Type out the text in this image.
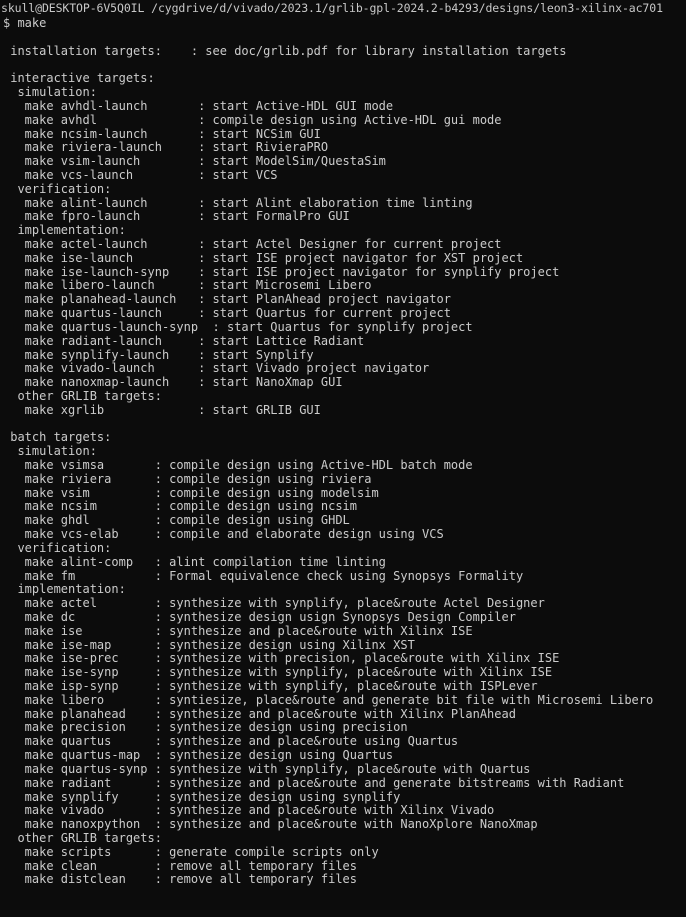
skull@DESKTOP-6V5Q0IL /cygdrive/d/vivado/2023.1/grlib-gpl-2024.2-b4293/designs/leon3-xilinx-ac701
$ make

installation targets:    : see doc/grlib.pdf for library installation targets

interactive targets:
simulation:
make avhdl-launch       : start Active-HDL GUI mode
make avhdl              : compile design using Active-HDL gui mode
make ncsim-launch       : start NCSim GUI
make riviera-launch     : start RivieraPRO
make vsim-launch        : start ModelSim/QuestaSim
make vcs-launch         : start VCS
verification:
make alint-launch       : start Alint elaboration time linting
make fpro-launch        : start FormalPro GUI
implementation:
make actel-launch       : start Actel Designer for current project
make ise-launch         : start ISE project navigator for XST project
make ise-launch-synp    : start ISE project navigator for synplify project
make libero-launch      : start Microsemi Libero
make planahead-launch   : start PlanAhead project navigator
make quartus-launch     : start Quartus for current project
make quartus-launch-synp  : start Quartus for synplify project
make radiant-launch     : start Lattice Radiant
make synplify-launch    : start Synplify
make vivado-launch      : start Vivado project navigator
make nanoxmap-launch    : start NanoXmap GUI
other GRLIB targets:
make xgrlib             : start GRLIB GUI

batch targets:
simulation:
make vsimsa       : compile design using Active-HDL batch mode
make riviera      : compile design using riviera
make vsim         : compile design using modelsim
make ncsim        : compile design using ncsim
make ghdl         : compile design using GHDL
make vcs-elab     : compile and elaborate design using VCS
verification:
make alint-comp   : alint compilation time linting
make fm           : Formal equivalence check using Synopsys Formality
implementation:
make actel        : synthesize with synplify, place&route Actel Designer
make dc           : synthesize design usign Synopsys Design Compiler
make ise          : synthesize and place&route with Xilinx ISE
make ise-map      : synthesize design using Xilinx XST
make ise-prec     : synthesize with precision, place&route with Xilinx ISE
make ise-synp     : synthesize with synplify, place&route with Xilinx ISE
make isp-synp     : synthesize with synplify, place&route with ISPLever
make libero       : syntiesize, place&route and generate bit file with Microsemi Libero
make planahead    : synthesize and place&route with Xilinx PlanAhead
make precision    : synthesize design using precision
make quartus      : synthesize and place&route using Quartus
make quartus-map  : synthesize design using Quartus
make quartus-synp : synthesize with synplify, place&route with Quartus
make radiant      : synthesize and place&route and generate bitstreams with Radiant
make synplify     : synthesize design using synplify
make vivado       : synthesize and place&route with Xilinx Vivado
make nanoxpython  : synthesize and place&route with NanoXplore NanoXmap
other GRLIB targets:
make scripts      : generate compile scripts only
make clean        : remove all temporary files
make distclean    : remove all temporary files
